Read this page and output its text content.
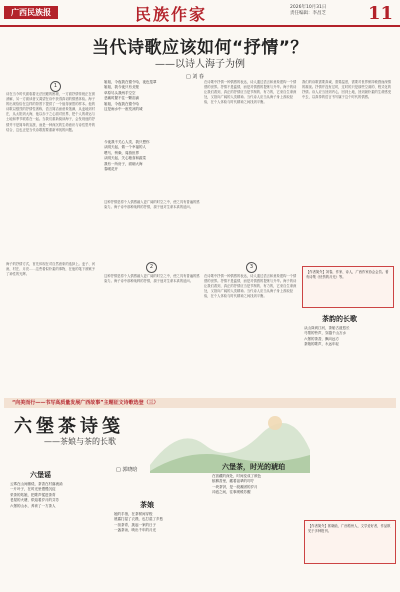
广西民族报	民族作家	2026年10月31日
责任编辑：李昌芝 11
当代诗歌应该如何“抒情”？
——以诗人海子为例
□ 刘 春
1
诗在当今时代面临着无法回避的困境，一方面抒情传统正在被消解，另一方面读者又渴望在诗中获得真切的情感体验。海子的出现恰恰在这样的背景下提供了一个值得深思的样本。他的诗歌以强烈的抒情性著称，语言简洁而意象饱满，从麦地到村庄，从太阳到大海，他以赤子之心面对世界，把个人的命运与土地和季节联系在一起。当我们重新阅读海子，会发现他的抒情并不是简单的宣泄，而是一种深沉的生命意识与诗性思考的结合，这也正是当代诗歌需要重新审视的问题。
海子的抒情方式，首先体现在对自然意象的选择上。麦子、河流、村庄、月亮……这些看似朴素的事物，在他的笔下被赋予了神性的光辉。
姐姐，今夜我在德令哈，夜色笼罩
姐姐，我今夜只有戈壁
草原尽头我两手空空
悲痛时握不住一颗泪滴
姐姐，今夜我在德令哈
这是雨水中一座荒凉的城
今夜我不关心人类，我只想你
从明天起，做一个幸福的人
喂马、劈柴，周游世界
从明天起，关心粮食和蔬菜
我有一所房子，面朝大海
春暖花开
这种抒情是将个人情感融入更广阔的时空之中，使之具有普遍的感染力。海子诗中那种纯粹的抒情，源于他对生命本真的追问。
2
这种抒情是将个人情感融入更广阔的时空之中，使之具有普遍的感染力。海子诗中那种纯粹的抒情，源于他对生命本真的追问。
在诗歌中抒情一种情感的表达，诗人通过语言和意象建构一个情感的世界。抒情不是滥情，而是对情感的提炼与升华。海子的诗让我们看到，真正的抒情应当是节制的、有力的，它来自生命深处，又指向广阔的人类精神。当代诗人应当从海子身上汲取经验，在个人体验与时代精神之间找到平衡。
3
在诗歌中抒情一种情感的表达，诗人通过语言和意象建构一个情感的世界。抒情不是滥情，而是对情感的提炼与升华。海子的诗让我们看到，真正的抒情应当是节制的、有力的，它来自生命深处，又指向广阔的人类精神。当代诗人应当从海子身上汲取经验，在个人体验与时代精神之间找到平衡。
我们的诗歌需要真诚，需要温度，需要对世界保持敏感而深情的凝视。抒情并没有过时，过时的只是那些空洞的、程式化的抒情。诗人应当回到内心，回到土地，回到最朴素的生命感受中去，以真挚的语言书写属于这个时代的情感。
【作者简介】刘春，作家、诗人，广西作家协会会员。著有诗集《忧伤的月光》等。
茶韵的长歌
从山岗到江河，茶船古道悠长
马帮的铃声，穿越千山万水
六堡的茶香，飘向远方
茶娘的歌声，永远年轻
“向美而行——书写高质量发展广西故事”主题征文诗歌选登（三）
六堡茶诗笺
——茶娘与茶的长歌
□ 郭晓晗
六堡谣
云雾在山间缠绕，茶香在村落流淌
一片叶子，在时光里慢慢沉淀
采茶的姑娘，把歌声揉进茶青
老屋的火塘，烘焙着岁月的芬芳
六堡的山水，养育了一方茶人	茶娘
她的手指，在茶树间穿梭
晨露打湿了衣襟，也打湿了乡愁
一担茶青，挑起一家的日子
一盏茶汤，映出千年的月光
六堡茶，时光的琥珀
在窖藏的深处，时间变成了颜色
槟榔香里，藏着祖辈的叮咛
一块茶饼，是一段凝固的岁月
冲泡之间，往事缓缓苏醒
【作者简介】郭晓晗，广西梧州人，文学爱好者，作品散见于多种报刊。
